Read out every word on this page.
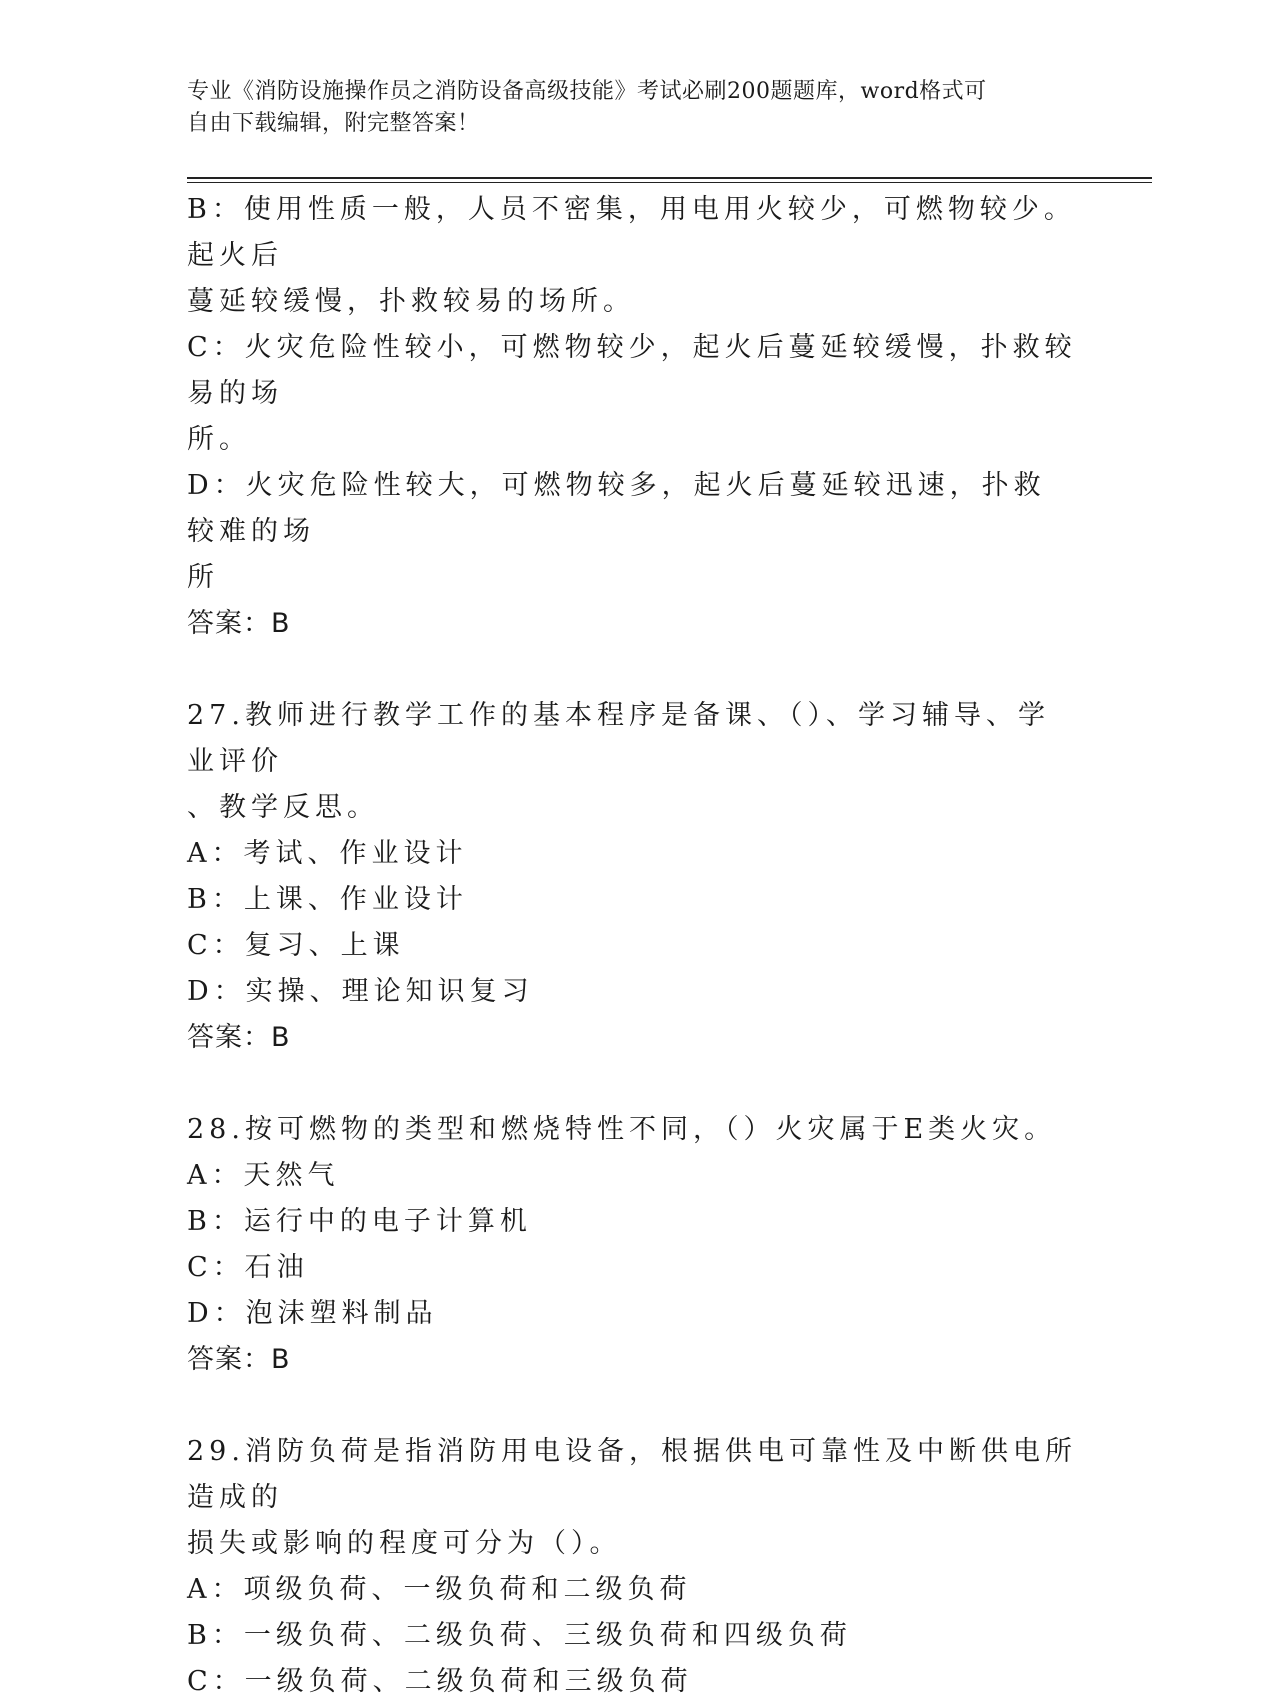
专业《消防设施操作员之消防设备高级技能》考试必刷200题题库，word格式可
自由下载编辑，附完整答案！
B：使用性质一般，人员不密集，用电用火较少，可燃物较少。起火后
蔓延较缓慢，扑救较易的场所。
C：火灾危险性较小，可燃物较少，起火后蔓延较缓慢，扑救较易的场
所。
D：火灾危险性较大，可燃物较多，起火后蔓延较迅速，扑救较难的场
所
答案：B
27.教师进行教学工作的基本程序是备课、（）、学习辅导、学业评价
、教学反思。
A：考试、作业设计
B：上课、作业设计
C：复习、上课
D：实操、理论知识复习
答案：B
28.按可燃物的类型和燃烧特性不同，（）火灾属于E类火灾。
A：天然气
B：运行中的电子计算机
C：石油
D：泡沫塑料制品
答案：B
29.消防负荷是指消防用电设备，根据供电可靠性及中断供电所造成的
损失或影响的程度可分为（）。
A：项级负荷、一级负荷和二级负荷
B：一级负荷、二级负荷、三级负荷和四级负荷
C：一级负荷、二级负荷和三级负荷
